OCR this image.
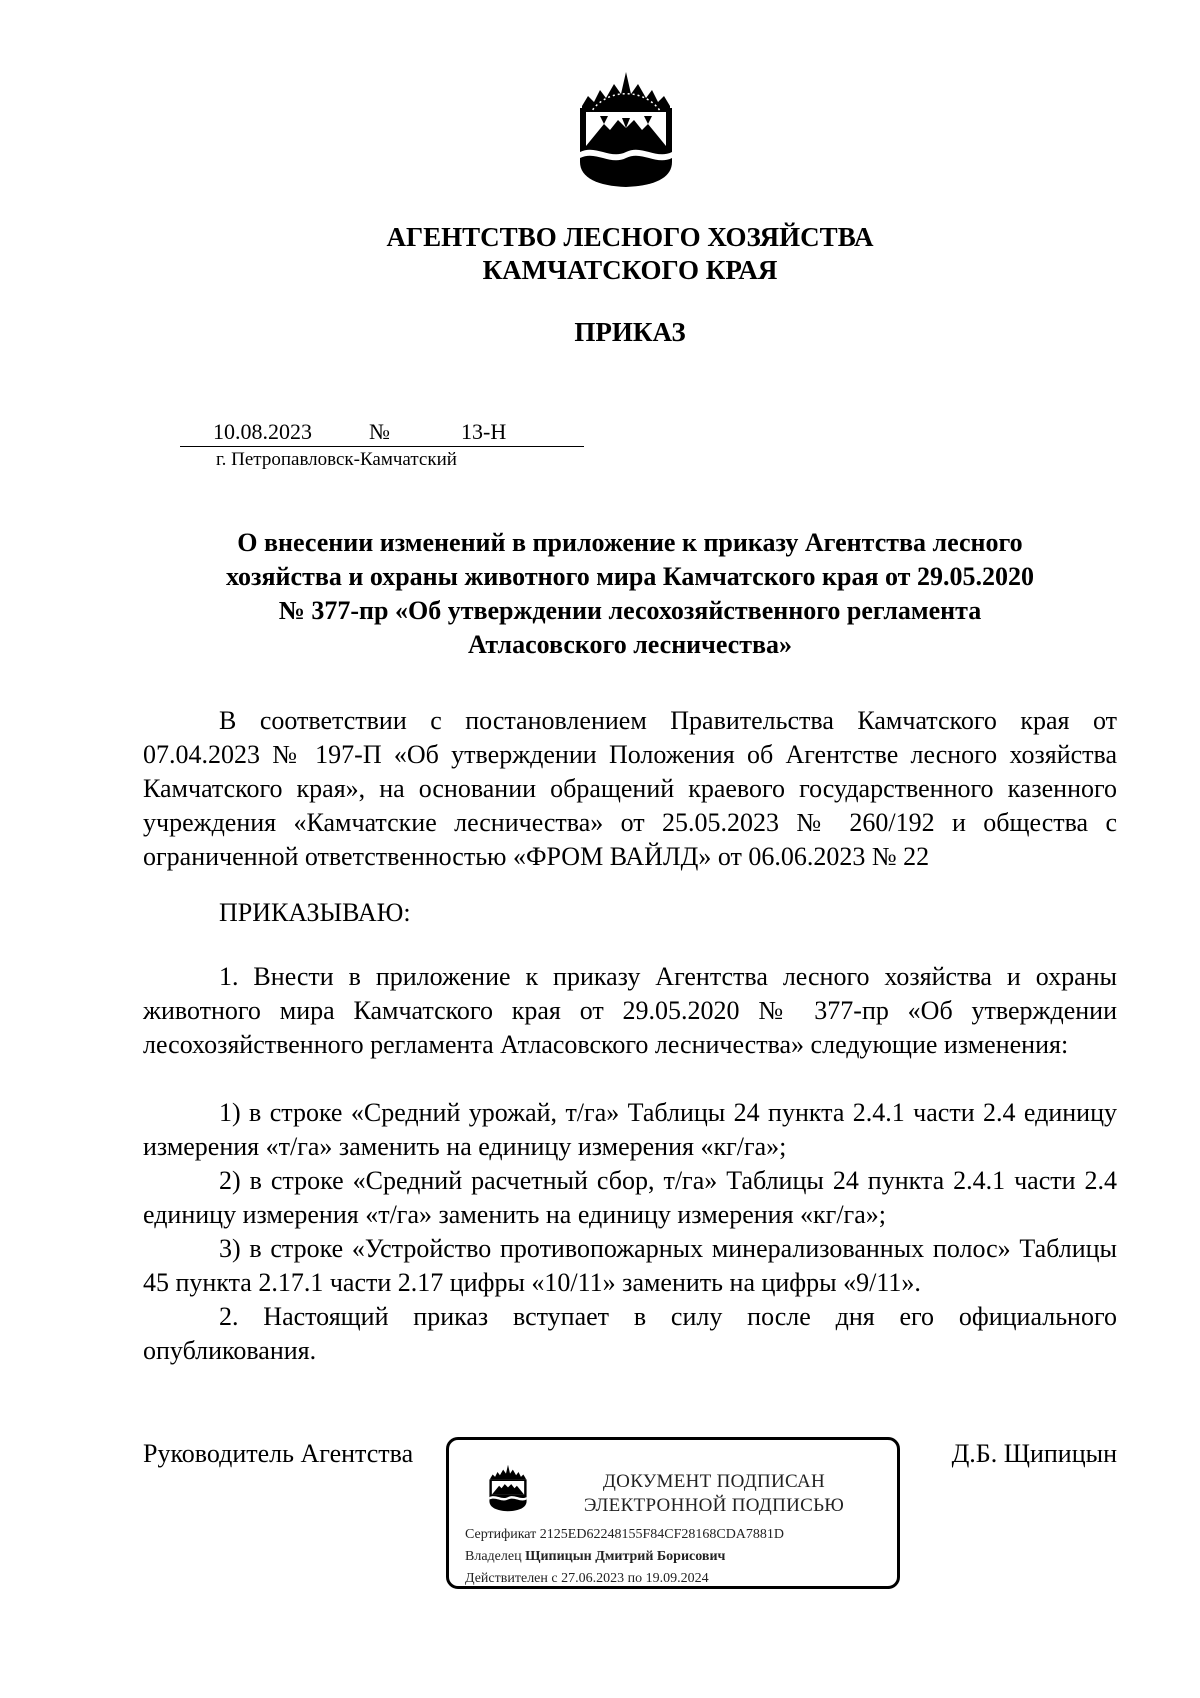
АГЕНТСТВО ЛЕСНОГО ХОЗЯЙСТВА
КАМЧАТСКОГО КРАЯ
ПРИКАЗ
10.08.2023	№	13-Н
г. Петропавловск-Камчатский
О внесении изменений в приложение к приказу Агентства лесного
хозяйства и охраны животного мира Камчатского края от 29.05.2020
№ 377-пр «Об утверждении лесохозяйственного регламента
Атласовского лесничества»
В соответствии с постановлением Правительства Камчатского края от 07.04.2023 № 197-П «Об утверждении Положения об Агентстве лесного хозяйства Камчатского края», на основании обращений краевого государственного казенного учреждения «Камчатские лесничества» от 25.05.2023 № 260/192 и общества с ограниченной ответственностью «ФРОМ ВАЙЛД» от 06.06.2023 № 22
ПРИКАЗЫВАЮ:
1. Внести в приложение к приказу Агентства лесного хозяйства и охраны животного мира Камчатского края от 29.05.2020 № 377-пр «Об утверждении лесохозяйственного регламента Атласовского лесничества» следующие изменения:
1) в строке «Средний урожай, т/га» Таблицы 24 пункта 2.4.1 части 2.4 единицу измерения «т/га» заменить на единицу измерения «кг/га»;
2) в строке «Средний расчетный сбор, т/га» Таблицы 24 пункта 2.4.1 части 2.4 единицу измерения «т/га» заменить на единицу измерения «кг/га»;
3) в строке «Устройство противопожарных минерализованных полос» Таблицы 45 пункта 2.17.1 части 2.17 цифры «10/11» заменить на цифры «9/11».
2. Настоящий приказ вступает в силу после дня его официального опубликования.
Руководитель Агентства	Д.Б. Щипицын
ДОКУМЕНТ ПОДПИСАН
ЭЛЕКТРОННОЙ ПОДПИСЬЮ
Сертификат 2125ED62248155F84CF28168CDA7881D
Владелец Щипицын Дмитрий Борисович
Действителен с 27.06.2023 по 19.09.2024
